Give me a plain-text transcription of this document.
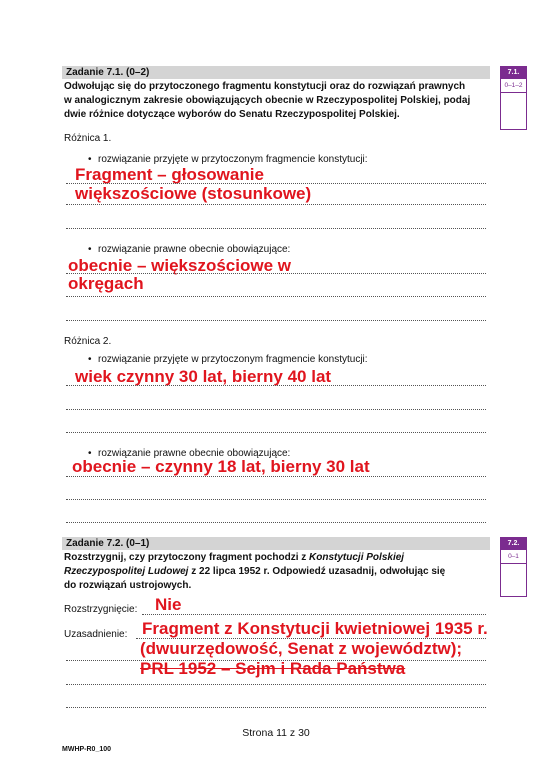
Zadanie 7.1. (0–2)	7.1.
0–1–2
Odwołując się do przytoczonego fragmentu konstytucji oraz do rozwiązań prawnych
w analogicznym zakresie obowiązujących obecnie w Rzeczypospolitej Polskiej, podaj
dwie różnice dotyczące wyborów do Senatu Rzeczypospolitej Polskiej.
Różnica 1.
• rozwiązanie przyjęte w przytoczonym fragmencie konstytucji:
Fragment – głosowanie
większościowe (stosunkowe)
• rozwiązanie prawne obecnie obowiązujące:
obecnie – większościowe w
okręgach
Różnica 2.
• rozwiązanie przyjęte w przytoczonym fragmencie konstytucji:
wiek czynny 30 lat, bierny 40 lat
• rozwiązanie prawne obecnie obowiązujące:
obecnie – czynny 18 lat, bierny 30 lat
Zadanie 7.2. (0–1)	7.2.
0–1
Rozstrzygnij, czy przytoczony fragment pochodzi z Konstytucji Polskiej
Rzeczypospolitej Ludowej z 22 lipca 1952 r. Odpowiedź uzasadnij, odwołując się
do rozwiązań ustrojowych.
Rozstrzygnięcie: Nie
Uzasadnienie: Fragment z Konstytucji kwietniowej 1935 r.
(dwuurzędowość, Senat z województw);
PRL 1952 – Sejm i Rada Państwa
Strona 11 z 30
MWHP-R0_100
